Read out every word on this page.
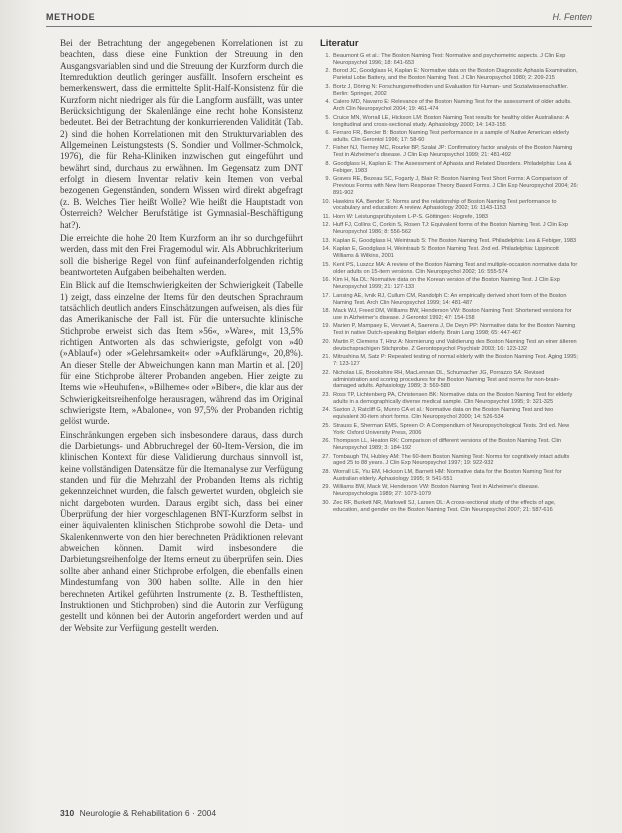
METHODE	H. Fenten

Bei der Betrachtung der angegebenen Korrelationen ist zu beachten, dass diese eine Funktion der Streuung in den Ausgangsvariablen sind und die Streuung der Kurzform durch die Itemreduktion deutlich geringer ausfällt. Insofern erscheint es bemerkenswert, dass die ermittelte Split-Half-Konsistenz für die Kurzform nicht niedriger als für die Langform ausfällt, was unter Berücksichtigung der Skalenlänge eine recht hohe Konsistenz bedeutet. Bei der Betrachtung der konkurrierenden Validität (Tab. 2) sind die hohen Korrelationen mit den Strukturvariablen des Allgemeinen Leistungstests (S. Sondier und Vollmer-Schmolck, 1976), die für Reha-Kliniken inzwischen gut eingeführt und bewährt sind, durchaus zu erwähnen. Im Gegensatz zum DNT erfolgt in diesem Inventar relativ kein Itemen von verbal bezogenen Gegenständen, sondern Wissen wird direkt abgefragt (z. B. Welches Tier heißt Wolle? Wie heißt die Hauptstadt von Österreich? Welcher Berufstätige ist Gymnasial-Beschäftigung hat?).

Die erreichte die hohe 20 Item Kurzform an ihr so durchgeführt werden, dass mit den Frei Fragemodul wir. Als Abbruchkriterium soll die bisherige Regel von fünf aufeinanderfolgenden richtig beantworteten Aufgaben beibehalten werden.

Ein Blick auf die Itemschwierigkeiten der Schwierigkeit (Tabelle 1) zeigt, dass einzelne der Items für den deutschen Sprachraum tatsächlich deutlich anders Einschätzungen aufweisen, als dies für das Amerikanische der Fall ist. Für die untersuchte klinische Stichprobe erweist sich das Item »56«, »Ware«, mit 13,5% richtigen Antworten als das schwierigste, gefolgt von »40 (»Ablauf«) oder »Gelehrsamkeit« oder »Aufklärung«, 20,8%). An dieser Stelle der Abweichungen kann man Martin et al. [20] für eine Stichprobe älterer Probanden angeben. Hier zeigte zu Items wie »Heuhufen«, »Bilheme« oder »Biber«, die klar aus der Schwierigkeitsreihenfolge herausragen, während das im Original schwierigste Item, »Abalone«, von 97,5% der Probanden richtig gelöst wurde.

Einschränkungen ergeben sich insbesondere daraus, dass durch die Darbietungs- und Abbruchregel der 60-Item-Version, die im klinischen Kontext für diese Validierung durchaus sinnvoll ist, keine vollständigen Datensätze für die Itemanalyse zur Verfügung standen und für die Mehrzahl der Probanden Items als richtig gekennzeichnet wurden, die falsch gewertet wurden, obgleich sie nicht dargeboten wurden. Daraus ergibt sich, dass bei einer Überprüfung der hier vorgeschlagenen BNT-Kurzform selbst in einer äquivalenten klinischen Stichprobe sowohl die Deta- und Skalenkennwerte von den hier berechneten Prädiktionen relevant abweichen können. Damit wird insbesondere die Darbietungsreihenfolge der Items erneut zu überprüfen sein. Dies sollte aber anhand einer Stichprobe erfolgen, die ebenfalls einen Mindestumfang von 300 haben sollte. Alle in den hier berechneten Artikel geführten Instrumente (z. B. Testheftlisten, Instruktionen und Stichproben) sind die Autorin zur Verfügung gestellt und können bei der Autorin angefordert werden und auf der Website zur Verfügung gestellt werden.

Literatur
1. Beaumont G et al.: The Boston Naming Test: Normative and psychometric aspects. J Clin Exp Neuropsychol 1996; 18: 641-653
2. Borod JC, Goodglass H, Kaplan E: Normative data on the Boston Diagnostic Aphasia Examination, Parietal Lobe Battery, and the Boston Naming Test. J Clin Neuropsychol 1980; 2: 209-215
3. Bortz J, Döring N: Forschungsmethoden und Evaluation für Human- und Sozialwissenschaftler. Berlin: Springer, 2002
4. Calero MD, Navarro E: Relevance of the Boston Naming Test for the assessment of older adults. Arch Clin Neuropsychol 2004; 19: 461-474
5. Cruice MN, Worrall LE, Hickson LM: Boston Naming Test results for healthy older Australians: A longitudinal and cross-sectional study. Aphasiology 2000; 14: 143-155
6. Ferraro FR, Bercier B: Boston Naming Test performance in a sample of Native American elderly adults. Clin Gerontol 1996; 17: 58-60
7. Fisher NJ, Tierney MC, Rourke BP, Szalai JP: Confirmatory factor analysis of the Boston Naming Test in Alzheimer's disease. J Clin Exp Neuropsychol 1999; 21: 481-492
8. Goodglass H, Kaplan E: The Assessment of Aphasia and Related Disorders. Philadelphia: Lea & Febiger, 1983
9. Graves RE, Bezeau SC, Fogarty J, Blair R: Boston Naming Test Short Forms: A Comparison of Previous Forms with New Item Response Theory Based Forms. J Clin Exp Neuropsychol 2004; 26: 891-902
10. Hawkins KA, Bender S: Norms and the relationship of Boston Naming Test performance to vocabulary and education: A review. Aphasiology 2002; 16: 1143-1153
11. Horn W: Leistungsprüfsystem L-P-S. Göttingen: Hogrefe, 1983
12. Huff FJ, Collins C, Corkin S, Rosen TJ: Equivalent forms of the Boston Naming Test. J Clin Exp Neuropsychol 1986; 8: 556-562
13. Kaplan E, Goodglass H, Weintraub S: The Boston Naming Test. Philadelphia: Lea & Febiger, 1983
14. Kaplan E, Goodglass H, Weintraub S: Boston Naming Test. 2nd ed. Philadelphia: Lippincott Williams & Wilkins, 2001
15. Kent PS, Luszcz MA: A review of the Boston Naming Test and multiple-occasion normative data for older adults on 15-item versions. Clin Neuropsychol 2002; 16: 555-574
16. Kim H, Na DL: Normative data on the Korean version of the Boston Naming Test. J Clin Exp Neuropsychol 1999; 21: 127-133
17. Lansing AE, Ivnik RJ, Cullum CM, Randolph C: An empirically derived short form of the Boston Naming Test. Arch Clin Neuropsychol 1999; 14: 481-487
18. Mack WJ, Freed DM, Williams BW, Henderson VW: Boston Naming Test: Shortened versions for use in Alzheimer's disease. J Gerontol 1992; 47: 154-158
19. Marien P, Mampaey E, Vervaet A, Saerens J, De Deyn PP: Normative data for the Boston Naming Test in native Dutch-speaking Belgian elderly. Brain Lang 1998; 65: 447-467
20. Martin P, Clemens T, Hinz A: Normierung und Validierung des Boston Naming Test an einer älteren deutschsprachigen Stichprobe. Z Gerontopsychol Psychiatr 2003; 16: 123-132
21. Mitrushina M, Satz P: Repeated testing of normal elderly with the Boston Naming Test. Aging 1995; 7: 123-127
22. Nicholas LE, Brookshire RH, MacLennan DL, Schumacher JG, Porrazzo SA: Revised administration and scoring procedures for the Boston Naming Test and norms for non-brain-damaged adults. Aphasiology 1989; 3: 569-580
23. Ross TP, Lichtenberg PA, Christensen BK: Normative data on the Boston Naming Test for elderly adults in a demographically diverse medical sample. Clin Neuropsychol 1995; 9: 321-325
24. Saxton J, Ratcliff G, Munro CA et al.: Normative data on the Boston Naming Test and two equivalent 30-item short forms. Clin Neuropsychol 2000; 14: 526-534
25. Strauss E, Sherman EMS, Spreen O: A Compendium of Neuropsychological Tests. 3rd ed. New York: Oxford University Press, 2006
26. Thompson LL, Heaton RK: Comparison of different versions of the Boston Naming Test. Clin Neuropsychol 1989; 3: 184-192
27. Tombaugh TN, Hubley AM: The 60-item Boston Naming Test: Norms for cognitively intact adults aged 25 to 88 years. J Clin Exp Neuropsychol 1997; 19: 922-932
28. Worrall LE, Yiu EM, Hickson LM, Barnett HM: Normative data for the Boston Naming Test for Australian elderly. Aphasiology 1995; 9: 541-551
29. Williams BW, Mack W, Henderson VW: Boston Naming Test in Alzheimer's disease. Neuropsychologia 1989; 27: 1073-1079
30. Zec RF, Burkett NR, Markwell SJ, Larsen DL: A cross-sectional study of the effects of age, education, and gender on the Boston Naming Test. Clin Neuropsychol 2007; 21: 587-616
310 Neurologie & Rehabilitation 6 · 2004
